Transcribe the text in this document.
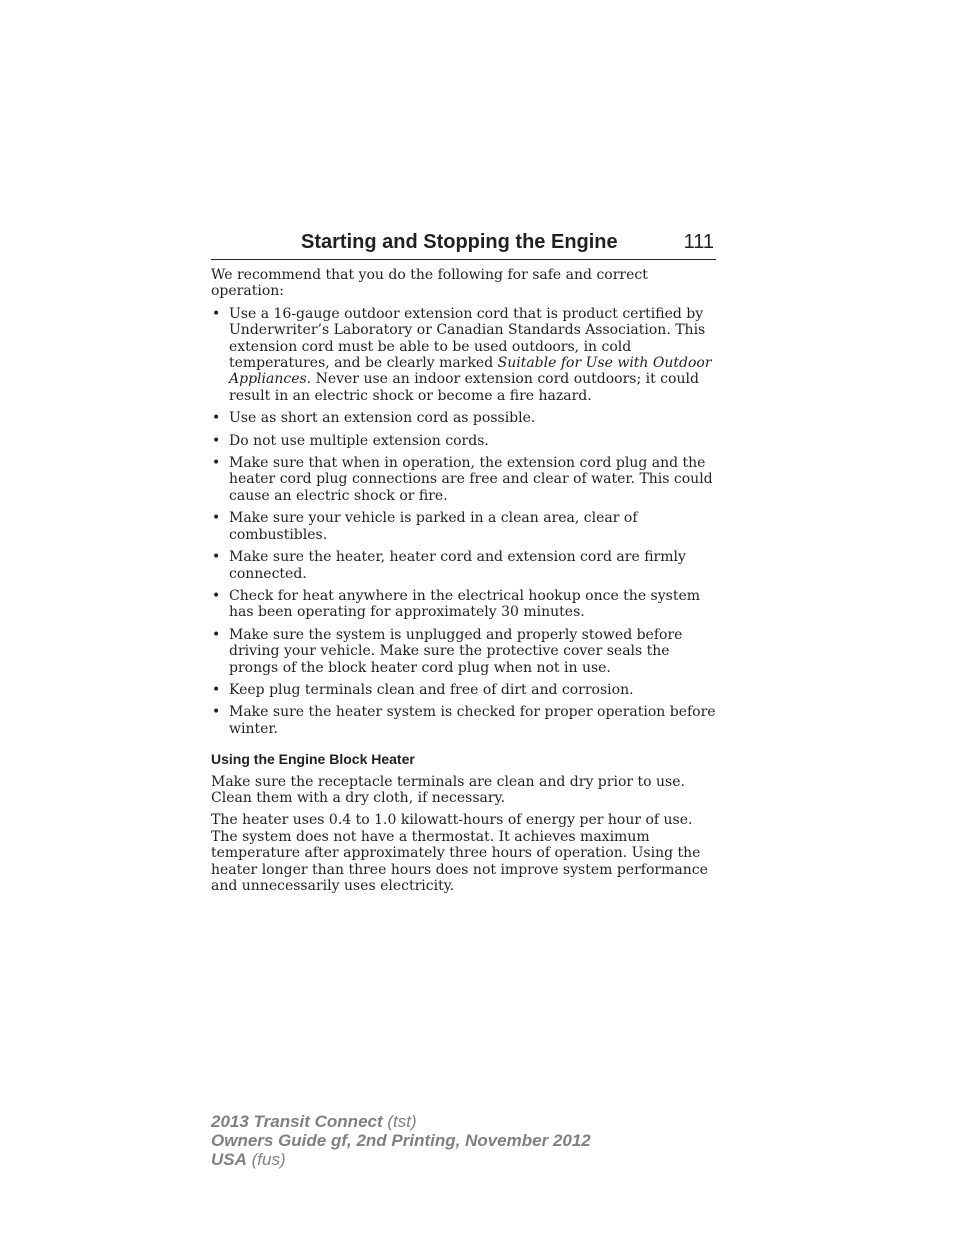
Starting and Stopping the Engine	111

We recommend that you do the following for safe and correct operation:

• Use a 16-gauge outdoor extension cord that is product certified by Underwriter’s Laboratory or Canadian Standards Association. This extension cord must be able to be used outdoors, in cold temperatures, and be clearly marked Suitable for Use with Outdoor Appliances. Never use an indoor extension cord outdoors; it could result in an electric shock or become a fire hazard.
• Use as short an extension cord as possible.
• Do not use multiple extension cords.
• Make sure that when in operation, the extension cord plug and the heater cord plug connections are free and clear of water. This could cause an electric shock or fire.
• Make sure your vehicle is parked in a clean area, clear of combustibles.
• Make sure the heater, heater cord and extension cord are firmly connected.
• Check for heat anywhere in the electrical hookup once the system has been operating for approximately 30 minutes.
• Make sure the system is unplugged and properly stowed before driving your vehicle. Make sure the protective cover seals the prongs of the block heater cord plug when not in use.
• Keep plug terminals clean and free of dirt and corrosion.
• Make sure the heater system is checked for proper operation before winter.
Using the Engine Block Heater

Make sure the receptacle terminals are clean and dry prior to use. Clean them with a dry cloth, if necessary.

The heater uses 0.4 to 1.0 kilowatt-hours of energy per hour of use. The system does not have a thermostat. It achieves maximum temperature after approximately three hours of operation. Using the heater longer than three hours does not improve system performance and unnecessarily uses electricity.

2013 Transit Connect (tst)
Owners Guide gf, 2nd Printing, November 2012
USA (fus)
